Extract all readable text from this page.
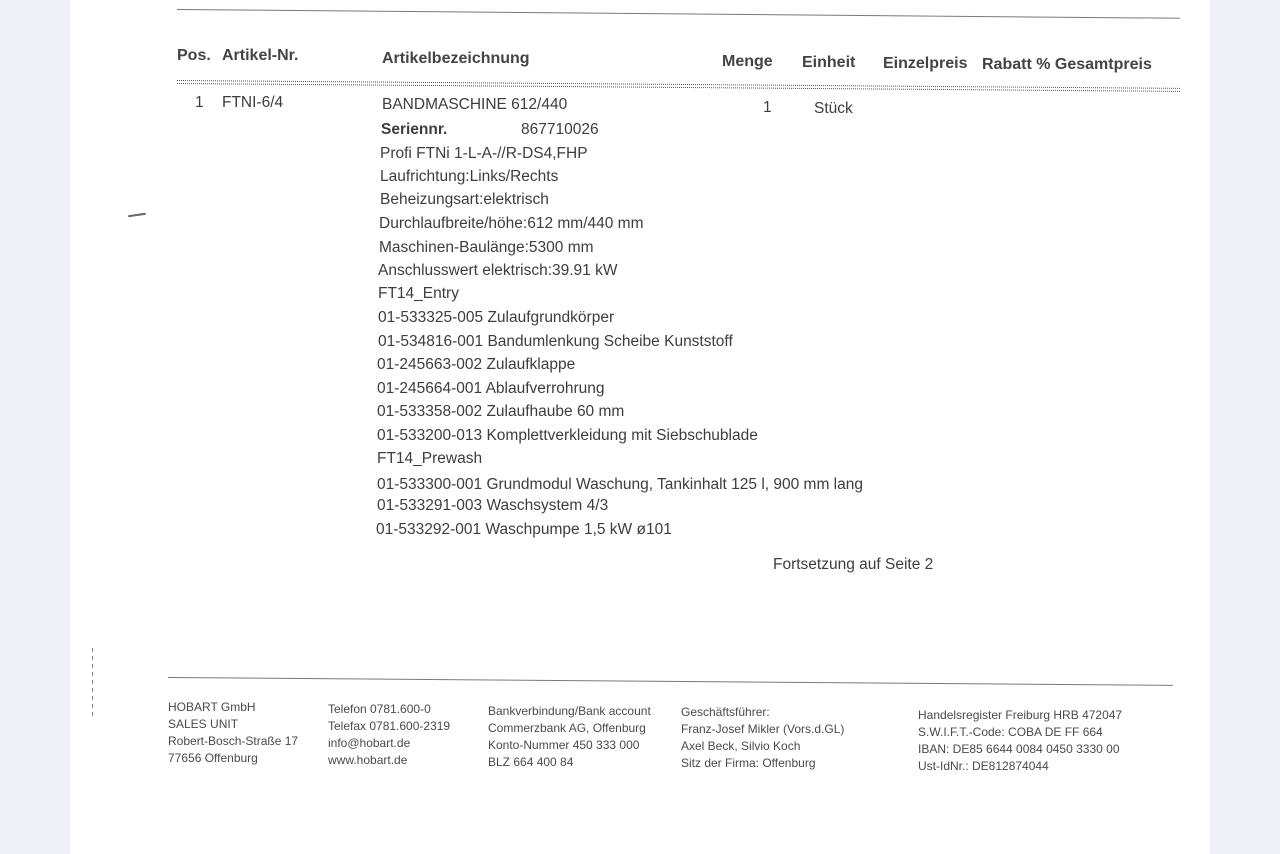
Pos. Artikel-Nr.	Artikelbezeichnung	Menge Einheit Einzelpreis Rabatt % Gesamtpreis
1 FTNI-6/4	BANDMASCHINE 612/440	1	Stück
Seriennr.	867710026
Profi FTNi 1-L-A-//R-DS4,FHP
Laufrichtung:Links/Rechts
Beheizungsart:elektrisch
Durchlaufbreite/höhe:612 mm/440 mm
Maschinen-Baulänge:5300 mm
Anschlusswert elektrisch:39.91 kW
FT14_Entry
01-533325-005 Zulaufgrundkörper
01-534816-001 Bandumlenkung Scheibe Kunststoff
01-245663-002 Zulaufklappe
01-245664-001 Ablaufverrohrung
01-533358-002 Zulaufhaube 60 mm
01-533200-013 Komplettverkleidung mit Siebschublade
FT14_Prewash
01-533300-001 Grundmodul Waschung, Tankinhalt 125 l, 900 mm lang
01-533291-003 Waschsystem 4/3
01-533292-001 Waschpumpe 1,5 kW ø101
Fortsetzung auf Seite 2
HOBART GmbH
SALES UNIT
Robert-Bosch-Straße 17
77656 Offenburg
Telefon 0781.600-0
Telefax 0781.600-2319
info@hobart.de
www.hobart.de
Bankverbindung/Bank account
Commerzbank AG, Offenburg
Konto-Nummer 450 333 000
BLZ 664 400 84
Geschäftsführer:
Franz-Josef Mikler (Vors.d.GL)
Axel Beck, Silvio Koch
Sitz der Firma: Offenburg
Handelsregister Freiburg HRB 472047
S.W.I.F.T.-Code: COBA DE FF 664
IBAN: DE85 6644 0084 0450 3330 00
Ust-IdNr.: DE812874044
